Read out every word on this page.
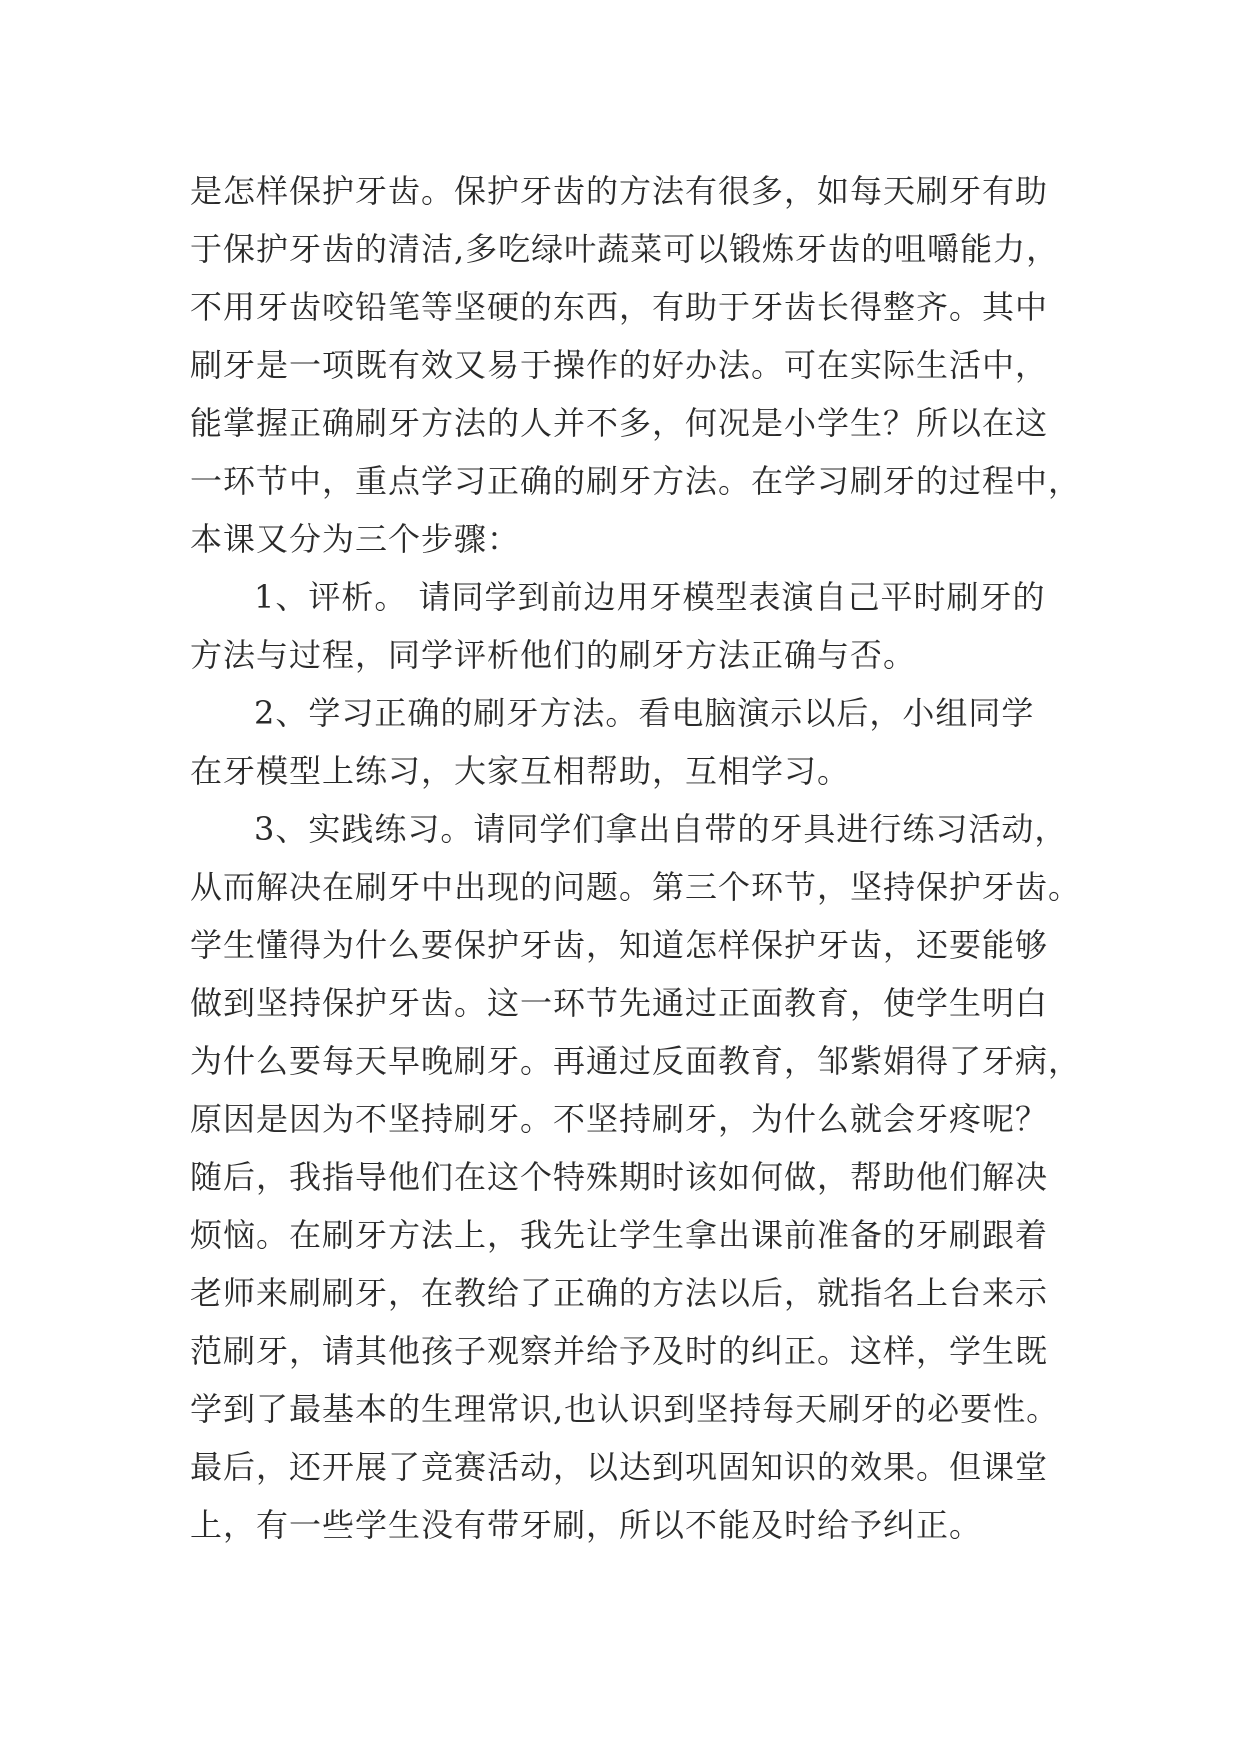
是怎样保护牙齿。保护牙齿的方法有很多，如每天刷牙有助
于保护牙齿的清洁,多吃绿叶蔬菜可以锻炼牙齿的咀嚼能力，
不用牙齿咬铅笔等坚硬的东西，有助于牙齿长得整齐。其中
刷牙是一项既有效又易于操作的好办法。可在实际生活中，
能掌握正确刷牙方法的人并不多，何况是小学生？所以在这
一环节中，重点学习正确的刷牙方法。在学习刷牙的过程中，
本课又分为三个步骤：
1、评析。 请同学到前边用牙模型表演自己平时刷牙的
方法与过程，同学评析他们的刷牙方法正确与否。
2、学习正确的刷牙方法。看电脑演示以后，小组同学
在牙模型上练习，大家互相帮助，互相学习。
3、实践练习。请同学们拿出自带的牙具进行练习活动，
从而解决在刷牙中出现的问题。第三个环节，坚持保护牙齿。
学生懂得为什么要保护牙齿，知道怎样保护牙齿，还要能够
做到坚持保护牙齿。这一环节先通过正面教育，使学生明白
为什么要每天早晚刷牙。再通过反面教育，邹紫娟得了牙病，
原因是因为不坚持刷牙。不坚持刷牙，为什么就会牙疼呢？
随后，我指导他们在这个特殊期时该如何做，帮助他们解决
烦恼。在刷牙方法上，我先让学生拿出课前准备的牙刷跟着
老师来刷刷牙，在教给了正确的方法以后，就指名上台来示
范刷牙，请其他孩子观察并给予及时的纠正。这样，学生既
学到了最基本的生理常识,也认识到坚持每天刷牙的必要性。
最后，还开展了竞赛活动，以达到巩固知识的效果。但课堂
上，有一些学生没有带牙刷，所以不能及时给予纠正。
